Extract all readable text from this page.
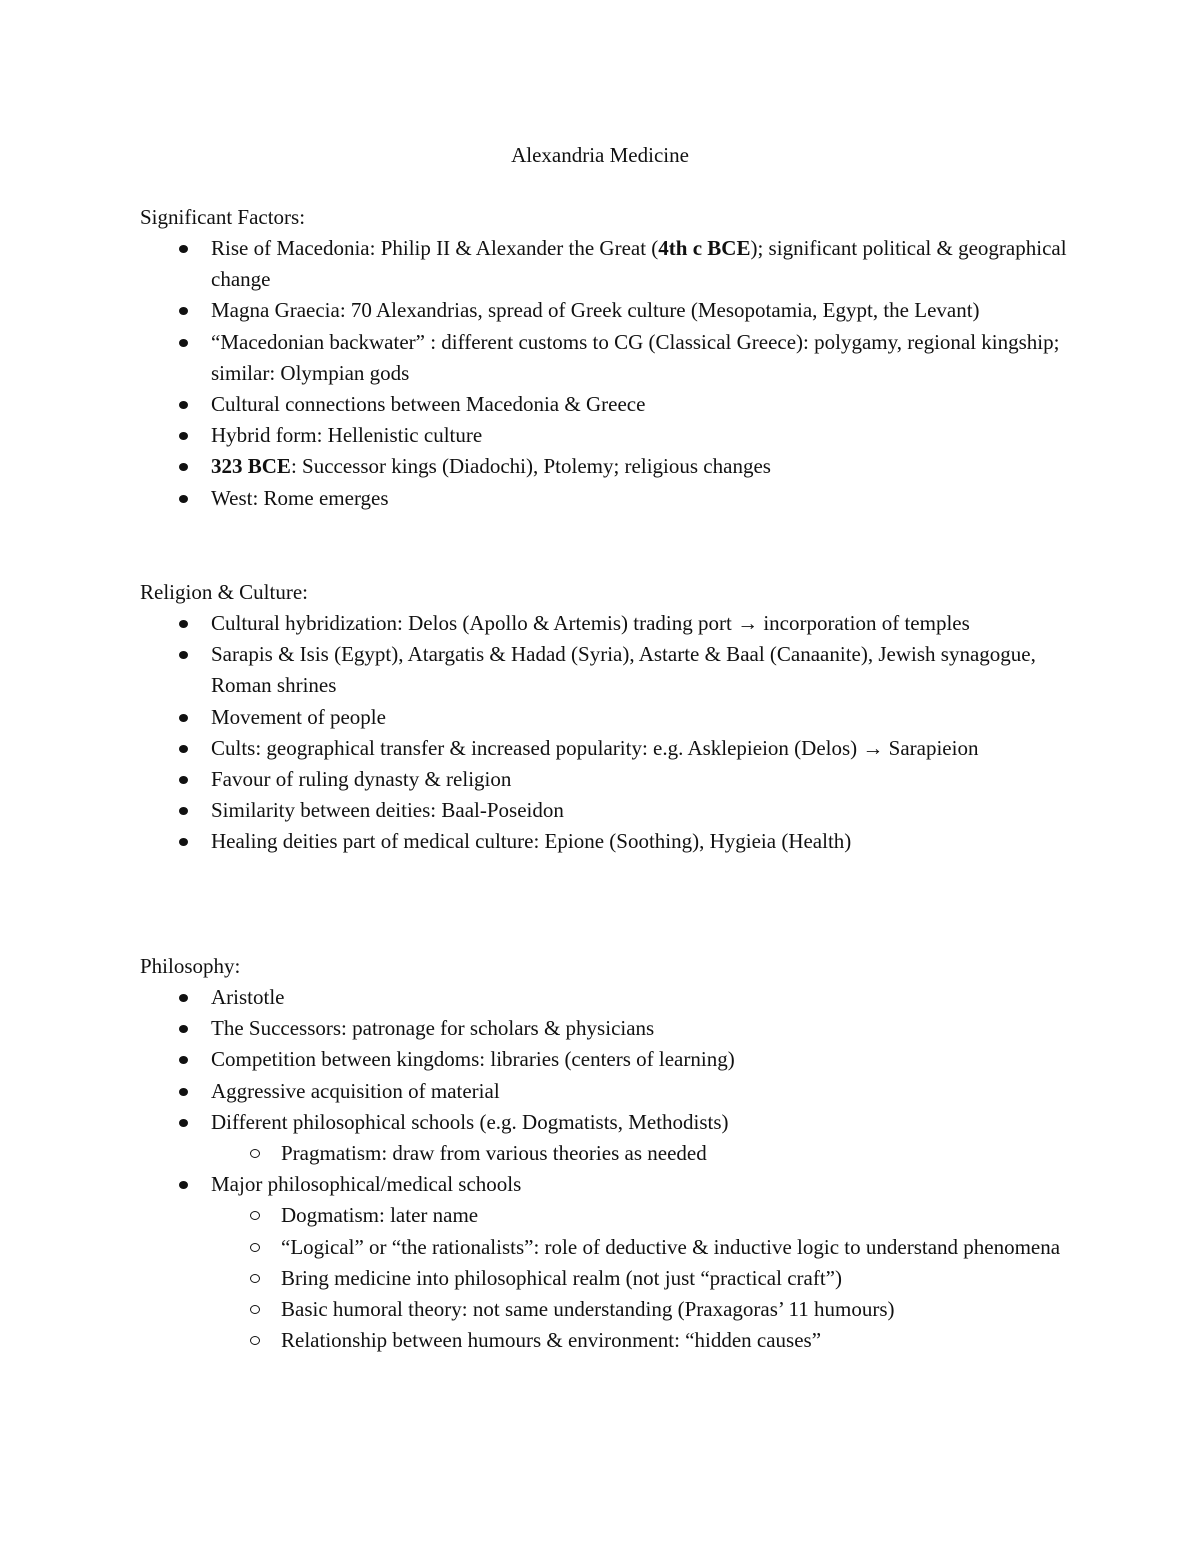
Alexandria Medicine

Significant Factors:

Rise of Macedonia: Philip II & Alexander the Great (4th c BCE); significant political & geographical change
Magna Graecia: 70 Alexandrias, spread of Greek culture (Mesopotamia, Egypt, the Levant)
“Macedonian backwater” : different customs to CG (Classical Greece): polygamy, regional kingship; similar: Olympian gods
Cultural connections between Macedonia & Greece
Hybrid form: Hellenistic culture
323 BCE: Successor kings (Diadochi), Ptolemy; religious changes
West: Rome emerges

Religion & Culture:

Cultural hybridization: Delos (Apollo & Artemis) trading port → incorporation of temples
Sarapis & Isis (Egypt), Atargatis & Hadad (Syria), Astarte & Baal (Canaanite), Jewish synagogue, Roman shrines
Movement of people
Cults: geographical transfer & increased popularity: e.g. Asklepieion (Delos) → Sarapieion
Favour of ruling dynasty & religion
Similarity between deities: Baal-Poseidon
Healing deities part of medical culture: Epione (Soothing), Hygieia (Health)

Philosophy:

Aristotle
The Successors: patronage for scholars & physicians
Competition between kingdoms: libraries (centers of learning)
Aggressive acquisition of material
Different philosophical schools (e.g. Dogmatists, Methodists)
Pragmatism: draw from various theories as needed
Major philosophical/medical schools
Dogmatism: later name
“Logical” or “the rationalists”: role of deductive & inductive logic to understand phenomena
Bring medicine into philosophical realm (not just “practical craft”)
Basic humoral theory: not same understanding (Praxagoras’ 11 humours)
Relationship between humours & environment: “hidden causes”
